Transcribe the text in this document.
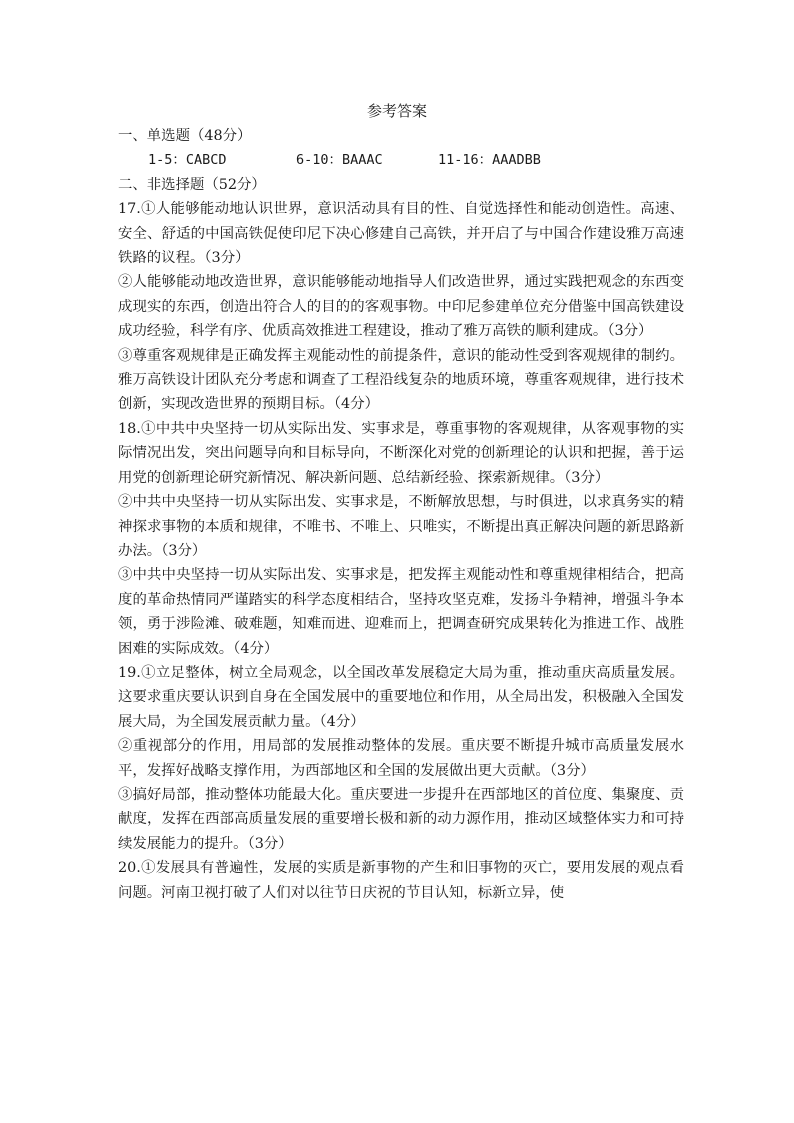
参考答案

一、单选题（48分）

1-5：CABCD	6-10：BAAAC	11-16：AAADBB

二、非选择题（52分）

17.①人能够能动地认识世界，意识活动具有目的性、自觉选择性和能动创造性。高速、安全、舒适的中国高铁促使印尼下决心修建自己高铁，并开启了与中国合作建设雅万高速铁路的议程。（3分）

②人能够能动地改造世界，意识能够能动地指导人们改造世界，通过实践把观念的东西变成现实的东西，创造出符合人的目的的客观事物。中印尼参建单位充分借鉴中国高铁建设成功经验，科学有序、优质高效推进工程建设，推动了雅万高铁的顺利建成。（3分）

③尊重客观规律是正确发挥主观能动性的前提条件，意识的能动性受到客观规律的制约。雅万高铁设计团队充分考虑和调查了工程沿线复杂的地质环境，尊重客观规律，进行技术创新，实现改造世界的预期目标。（4分）

18.①中共中央坚持一切从实际出发、实事求是，尊重事物的客观规律，从客观事物的实际情况出发，突出问题导向和目标导向，不断深化对党的创新理论的认识和把握，善于运用党的创新理论研究新情况、解决新问题、总结新经验、探索新规律。（3分）

②中共中央坚持一切从实际出发、实事求是，不断解放思想，与时俱进，以求真务实的精神探求事物的本质和规律，不唯书、不唯上、只唯实，不断提出真正解决问题的新思路新办法。（3分）

③中共中央坚持一切从实际出发、实事求是，把发挥主观能动性和尊重规律相结合，把高度的革命热情同严谨踏实的科学态度相结合，坚持攻坚克难，发扬斗争精神，增强斗争本领，勇于涉险滩、破难题，知难而进、迎难而上，把调查研究成果转化为推进工作、战胜困难的实际成效。（4分）

19.①立足整体，树立全局观念，以全国改革发展稳定大局为重，推动重庆高质量发展。这要求重庆要认识到自身在全国发展中的重要地位和作用，从全局出发，积极融入全国发展大局，为全国发展贡献力量。（4分）

②重视部分的作用，用局部的发展推动整体的发展。重庆要不断提升城市高质量发展水平，发挥好战略支撑作用，为西部地区和全国的发展做出更大贡献。（3分）

③搞好局部，推动整体功能最大化。重庆要进一步提升在西部地区的首位度、集聚度、贡献度，发挥在西部高质量发展的重要增长极和新的动力源作用，推动区域整体实力和可持续发展能力的提升。（3分）

20.①发展具有普遍性，发展的实质是新事物的产生和旧事物的灭亡，要用发展的观点看问题。河南卫视打破了人们对以往节日庆祝的节目认知，标新立异，使
